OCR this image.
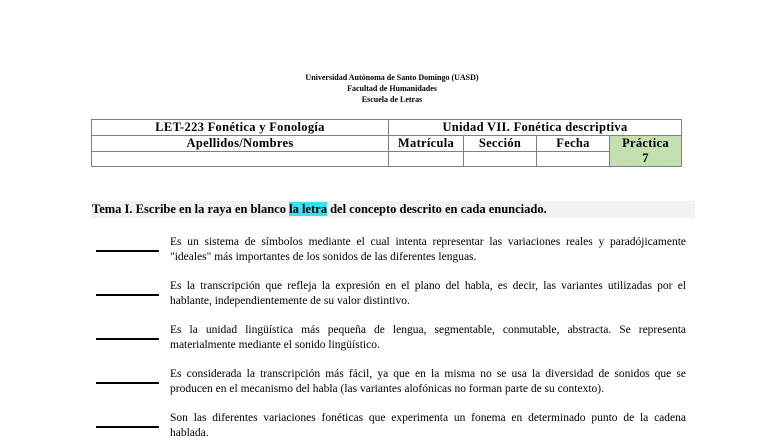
Universidad Autónoma de Santo Domingo (UASD)
Facultad de Humanidades
Escuela de Letras
LET-223 Fonética y Fonología	Unidad VII. Fonética descriptiva			
Apellidos/Nombres	Matrícula	Sección	Fecha	Práctica
7

Tema I. Escribe en la raya en blanco la letra del concepto descrito en cada enunciado.
Es un sistema de símbolos mediante el cual intenta representar las variaciones reales y paradójicamente "ideales" más importantes de los sonidos de las diferentes lenguas.
Es la transcripción que refleja la expresión en el plano del habla, es decir, las variantes utilizadas por el hablante, independientemente de su valor distintivo.
Es la unidad lingüística más pequeña de lengua, segmentable, conmutable, abstracta. Se representa materialmente mediante el sonido lingüístico.
Es considerada la transcripción más fácil, ya que en la misma no se usa la diversidad de sonidos que se producen en el mecanismo del habla (las variantes alofónicas no forman parte de su contexto).
Son las diferentes variaciones fonéticas que experimenta un fonema en determinado punto de la cadena hablada.
